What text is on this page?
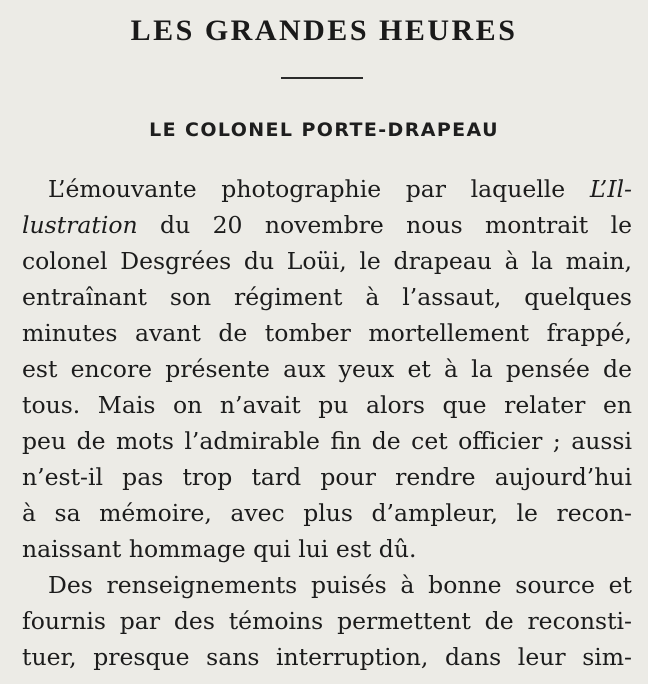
LES GRANDES HEURES
LE COLONEL PORTE-DRAPEAU
L’émouvante photographie par laquelle L’Il-
lustration du 20 novembre nous montrait le
colonel Desgrées du Loüi, le drapeau à la main,
entraînant son régiment à l’assaut, quelques
minutes avant de tomber mortellement frappé,
est encore présente aux yeux et à la pensée de
tous. Mais on n’avait pu alors que relater en
peu de mots l’admirable fin de cet officier ; aussi
n’est-il pas trop tard pour rendre aujourd’hui
à sa mémoire, avec plus d’ampleur, le recon-
naissant hommage qui lui est dû.
Des renseignements puisés à bonne source et
fournis par des témoins permettent de reconsti-
tuer, presque sans interruption, dans leur sim-
